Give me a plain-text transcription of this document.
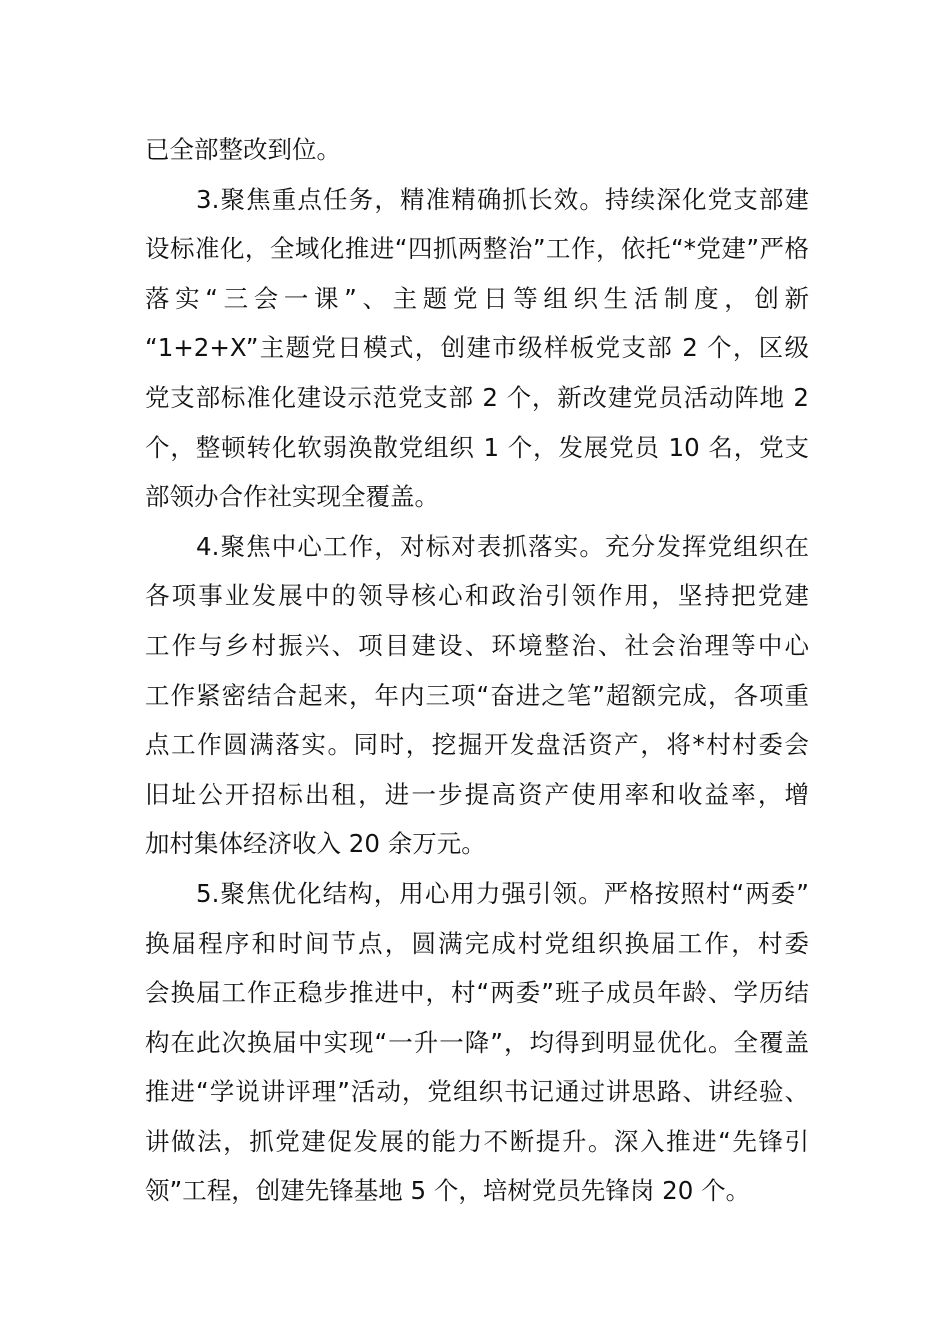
已全部整改到位。
3.聚焦重点任务，精准精确抓长效。持续深化党支部建
设标准化，全域化推进“四抓两整治”工作，依托“*党建”严格
落实“三会一课”、主题党日等组织生活制度，创新
“1+2+X”主题党日模式，创建市级样板党支部 2 个，区级
党支部标准化建设示范党支部 2 个，新改建党员活动阵地 2
个，整顿转化软弱涣散党组织 1 个，发展党员 10 名，党支
部领办合作社实现全覆盖。
4.聚焦中心工作，对标对表抓落实。充分发挥党组织在
各项事业发展中的领导核心和政治引领作用，坚持把党建
工作与乡村振兴、项目建设、环境整治、社会治理等中心
工作紧密结合起来，年内三项“奋进之笔”超额完成，各项重
点工作圆满落实。同时，挖掘开发盘活资产，将*村村委会
旧址公开招标出租，进一步提高资产使用率和收益率，增
加村集体经济收入 20 余万元。
5.聚焦优化结构，用心用力强引领。严格按照村“两委”
换届程序和时间节点，圆满完成村党组织换届工作，村委
会换届工作正稳步推进中，村“两委”班子成员年龄、学历结
构在此次换届中实现“一升一降”，均得到明显优化。全覆盖
推进“学说讲评理”活动，党组织书记通过讲思路、讲经验、
讲做法，抓党建促发展的能力不断提升。深入推进“先锋引
领”工程，创建先锋基地 5 个，培树党员先锋岗 20 个。
